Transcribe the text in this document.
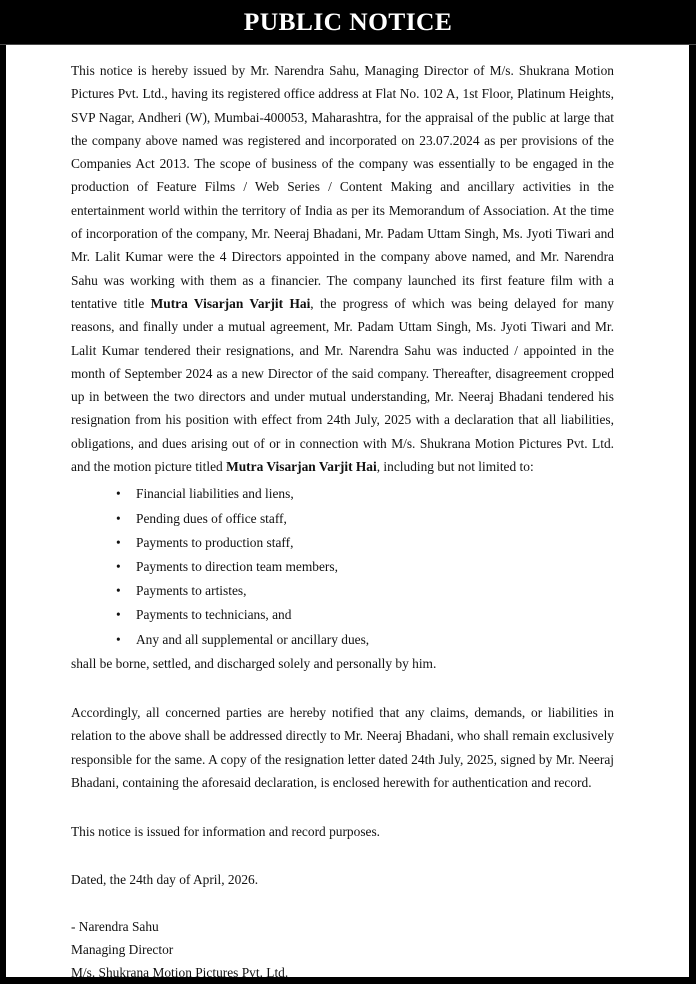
PUBLIC NOTICE

This notice is hereby issued by Mr. Narendra Sahu, Managing Director of M/s. Shukrana Motion Pictures Pvt. Ltd., having its registered office address at Flat No. 102 A, 1st Floor, Platinum Heights, SVP Nagar, Andheri (W), Mumbai-400053, Maharashtra, for the appraisal of the public at large that the company above named was registered and incorporated on 23.07.2024 as per provisions of the Companies Act 2013. The scope of business of the company was essentially to be engaged in the production of Feature Films / Web Series / Content Making and ancillary activities in the entertainment world within the territory of India as per its Memorandum of Association. At the time of incorporation of the company, Mr. Neeraj Bhadani, Mr. Padam Uttam Singh, Ms. Jyoti Tiwari and Mr. Lalit Kumar were the 4 Directors appointed in the company above named, and Mr. Narendra Sahu was working with them as a financier. The company launched its first feature film with a tentative title Mutra Visarjan Varjit Hai, the progress of which was being delayed for many reasons, and finally under a mutual agreement, Mr. Padam Uttam Singh, Ms. Jyoti Tiwari and Mr. Lalit Kumar tendered their resignations, and Mr. Narendra Sahu was inducted / appointed in the month of September 2024 as a new Director of the said company. Thereafter, disagreement cropped up in between the two directors and under mutual understanding, Mr. Neeraj Bhadani tendered his resignation from his position with effect from 24th July, 2025 with a declaration that all liabilities, obligations, and dues arising out of or in connection with M/s. Shukrana Motion Pictures Pvt. Ltd. and the motion picture titled Mutra Visarjan Varjit Hai, including but not limited to:

• Financial liabilities and liens,
• Pending dues of office staff,
• Payments to production staff,
• Payments to direction team members,
• Payments to artistes,
• Payments to technicians, and
• Any and all supplemental or ancillary dues,

shall be borne, settled, and discharged solely and personally by him.

Accordingly, all concerned parties are hereby notified that any claims, demands, or liabilities in relation to the above shall be addressed directly to Mr. Neeraj Bhadani, who shall remain exclusively responsible for the same. A copy of the resignation letter dated 24th July, 2025, signed by Mr. Neeraj Bhadani, containing the aforesaid declaration, is enclosed herewith for authentication and record.

This notice is issued for information and record purposes.

Dated, the 24th day of April, 2026.

- Narendra Sahu

Managing Director

M/s. Shukrana Motion Pictures Pvt. Ltd.
